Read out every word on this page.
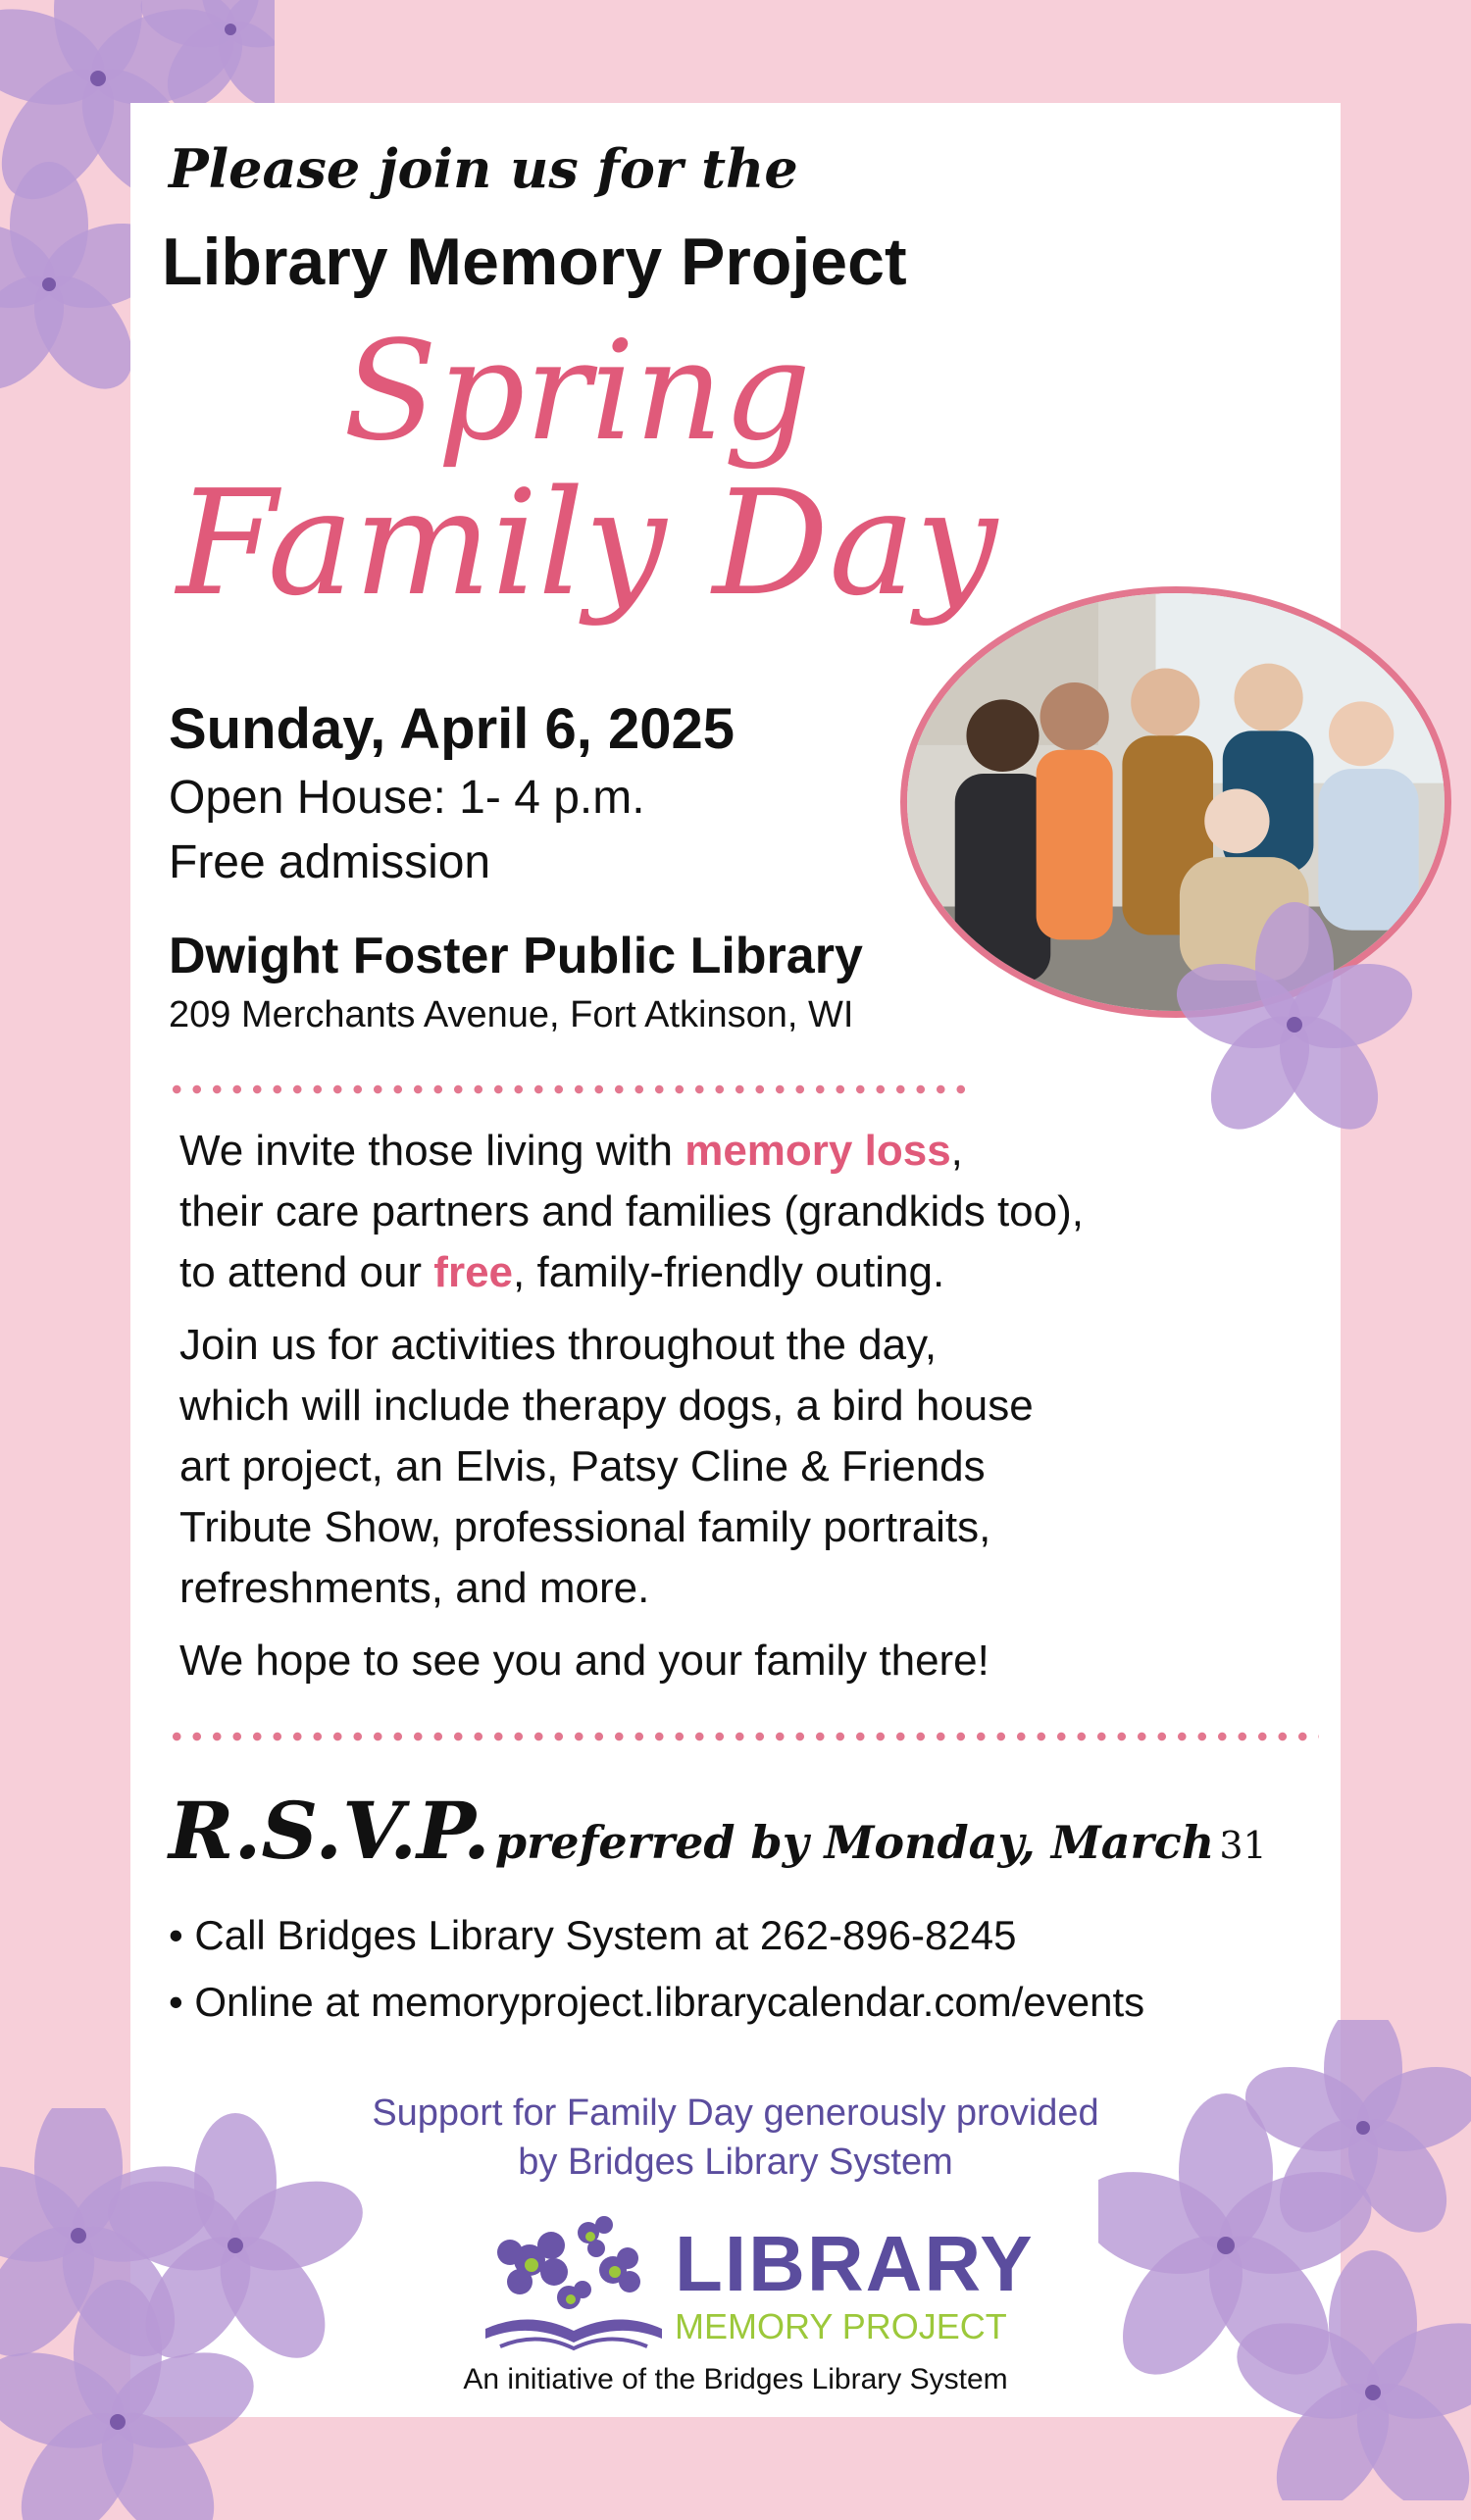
Please join us for the
Library Memory Project
Spring
Family Day
Sunday, April 6, 2025
Open House: 1- 4 p.m.
Free admission
Dwight Foster Public Library
209 Merchants Avenue, Fort Atkinson, WI

We invite those living with memory loss,
their care partners and families (grandkids too),
to attend our free, family-friendly outing.

Join us for activities throughout the day,
which will include therapy dogs, a bird house
art project, an Elvis, Patsy Cline & Friends
Tribute Show, professional family portraits,
refreshments, and more.

We hope to see you and your family there!

R.S.V.P. preferred by Monday, March 31
• Call Bridges Library System at 262-896-8245
• Online at memoryproject.librarycalendar.com/events
Support for Family Day generously provided
by Bridges Library System
LIBRARY
MEMORY PROJECT
An initiative of the Bridges Library System
